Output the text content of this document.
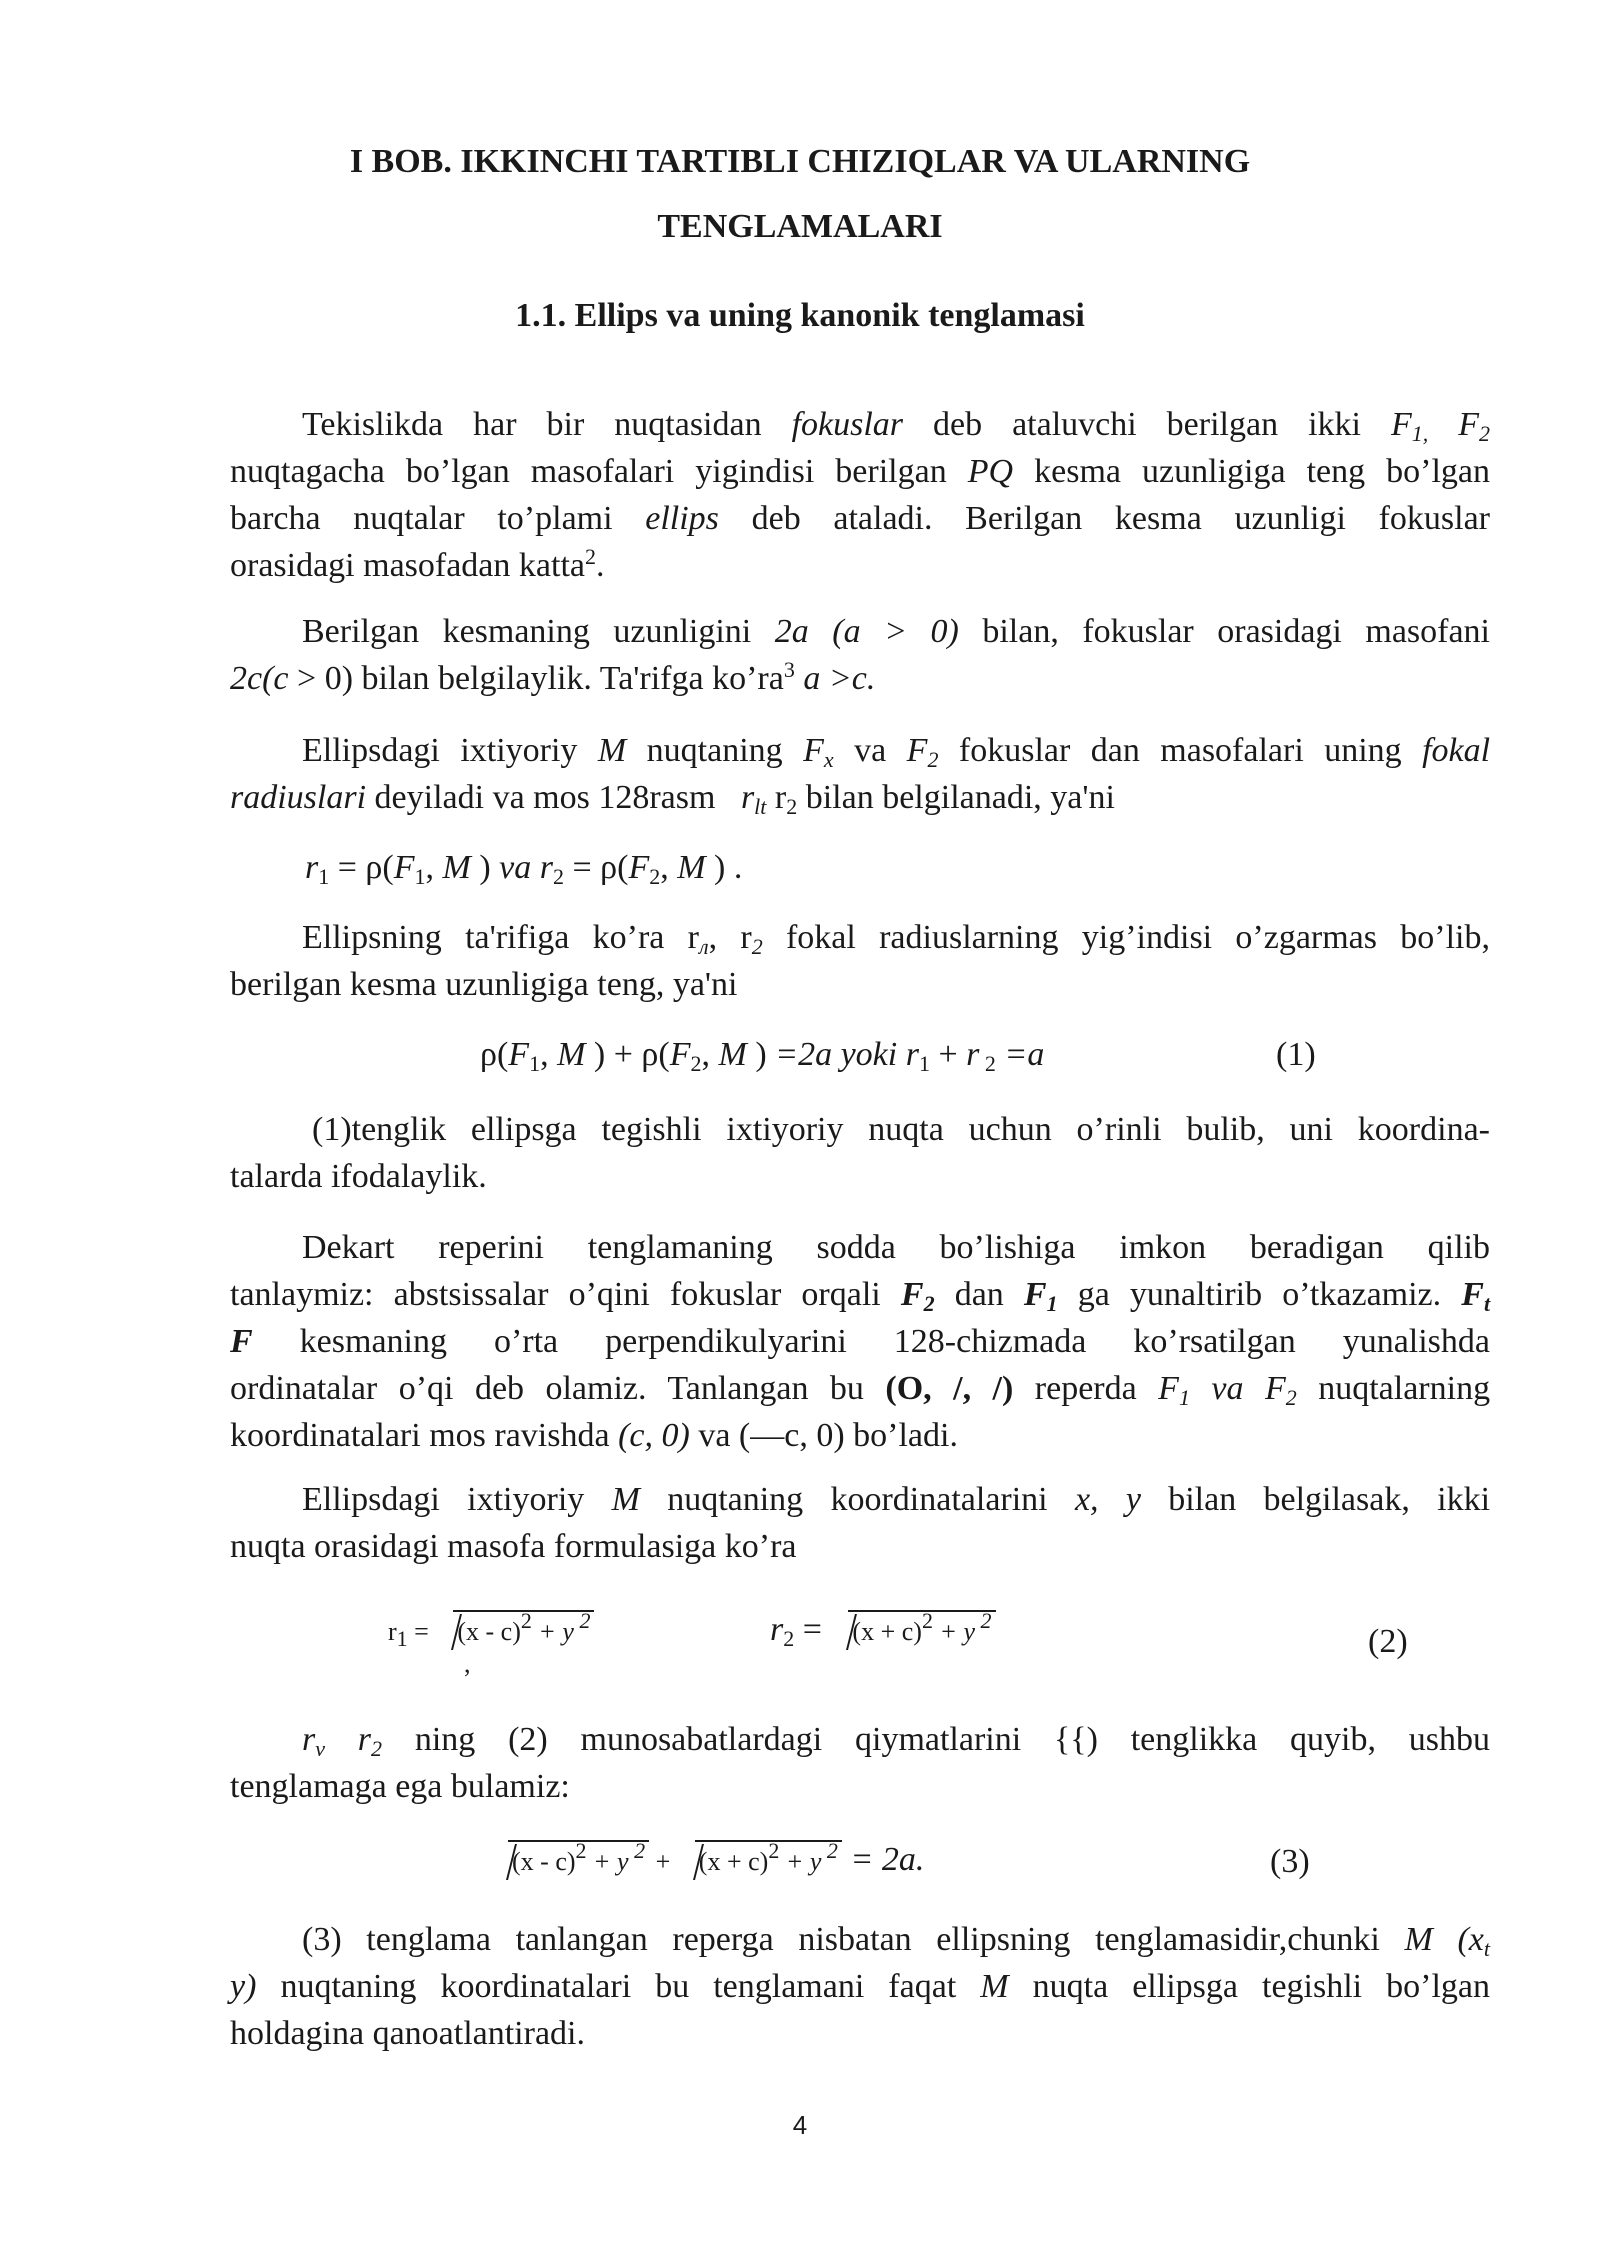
I BOB. IKKINCHI TARTIBLI CHIZIQLAR VA ULARNING
TENGLAMALARI
1.1. Ellips va uning kanonik tenglamasi
Tekislikda har bir nuqtasidan fokuslar deb ataluvchi berilgan ikki $F_{1,}$ $F_2$
nuqtagacha bo’lgan masofalari yigindisi berilgan PQ kesma uzunligiga teng bo’lgan
barcha nuqtalar to’plami ellips deb ataladi. Berilgan kesma uzunligi fokuslar
orasidagi masofadan katta$^2$.
Berilgan kesmaning uzunligini 2a (a > 0) bilan, fokuslar orasidagi masofani
2c(c > 0) bilan belgilaylik. Ta'rifga $ko’ra^3$ a >c.
Ellipsdagi ixtiyoriy M nuqtaning $F_x$ va $F_2$ fokuslar dan masofalari uning fokal
radiuslari deyiladi va mos 128rasm $r_{lt}$ $r_2$ bilan belgilanadi, ya'ni
$r_1 = \rho(F_1$, M ) va $r_2 = \rho(F_2$, M ) .
Ellipsning ta'rifiga ko’ra $r_л$, $r_2$ fokal radiuslarning yig’indisi o’zgarmas bo’lib,
berilgan kesma uzunligiga teng, ya'ni
$\rho(F_1$, M ) + $\rho(F_2$, M ) =2a yoki $r_1 + r$ $_2$ =a	(1)
(1)tenglik ellipsga tegishli ixtiyoriy nuqta uchun o’rinli bulib, uni koordina-
talarda ifodalaylik.
Dekart reperini tenglamaning sodda bo’lishiga imkon beradigan qilib
tanlaymiz: abstsissalar o’qini fokuslar orqali $F_2$ dan $F_1$ ga yunaltirib o’tkazamiz. $F_t$
F kesmaning o’rta perpendikulyarini 128-chizmada ko’rsatilgan yunalishda
ordinatalar o’qi deb olamiz. Tanlangan bu (O, /, /) reperda $F_1$ va $F_2$ nuqtalarning
koordinatalari mos ravishda (c, 0) va (—c, 0) bo’ladi.
Ellipsdagi ixtiyoriy M nuqtaning koordinatalarini x, y bilan belgilasak, ikki
nuqta orasidagi masofa formulasiga ko’ra
$r_1 = (x - c)^2 + y$ $^2$
,
$r_2 = (x + c)^2 + y$ $^2$
(2)
$r_v$ $r_2$ ning (2) munosabatlardagi qiymatlarini {{) tenglikka quyib, ushbu
tenglamaga ega bulamiz:
(x - c)$^2$ + y $^2 + (x + c)^2 + y$ $^2$ = 2a.	(3)
(3) tenglama tanlangan reperga nisbatan ellipsning tenglamasidir,chunki M ($x_t$
y) nuqtaning koordinatalari bu tenglamani faqat M nuqta ellipsga tegishli bo’lgan
holdagina qanoatlantiradi.
4
